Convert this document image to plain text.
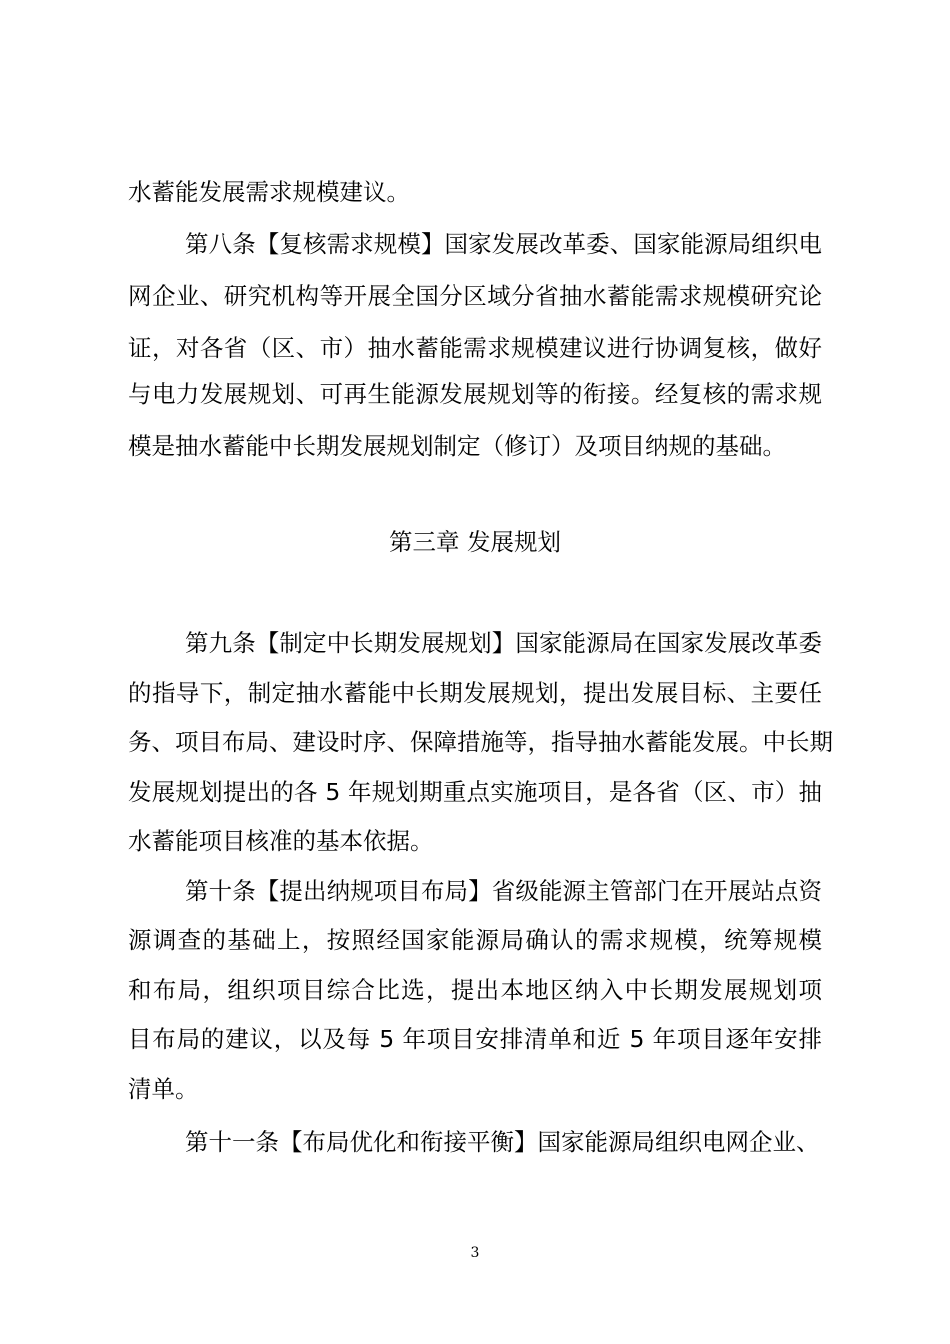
水蓄能发展需求规模建议。
第八条【复核需求规模】国家发展改革委、国家能源局组织电
网企业、研究机构等开展全国分区域分省抽水蓄能需求规模研究论
证，对各省（区、市）抽水蓄能需求规模建议进行协调复核，做好
与电力发展规划、可再生能源发展规划等的衔接。经复核的需求规
模是抽水蓄能中长期发展规划制定（修订）及项目纳规的基础。
第三章 发展规划
第九条【制定中长期发展规划】国家能源局在国家发展改革委
的指导下，制定抽水蓄能中长期发展规划，提出发展目标、主要任
务、项目布局、建设时序、保障措施等，指导抽水蓄能发展。中长期
发展规划提出的各 5 年规划期重点实施项目，是各省（区、市）抽
水蓄能项目核准的基本依据。
第十条【提出纳规项目布局】省级能源主管部门在开展站点资
源调查的基础上，按照经国家能源局确认的需求规模，统筹规模
和布局，组织项目综合比选，提出本地区纳入中长期发展规划项
目布局的建议，以及每 5 年项目安排清单和近 5 年项目逐年安排
清单。
第十一条【布局优化和衔接平衡】国家能源局组织电网企业、
3
